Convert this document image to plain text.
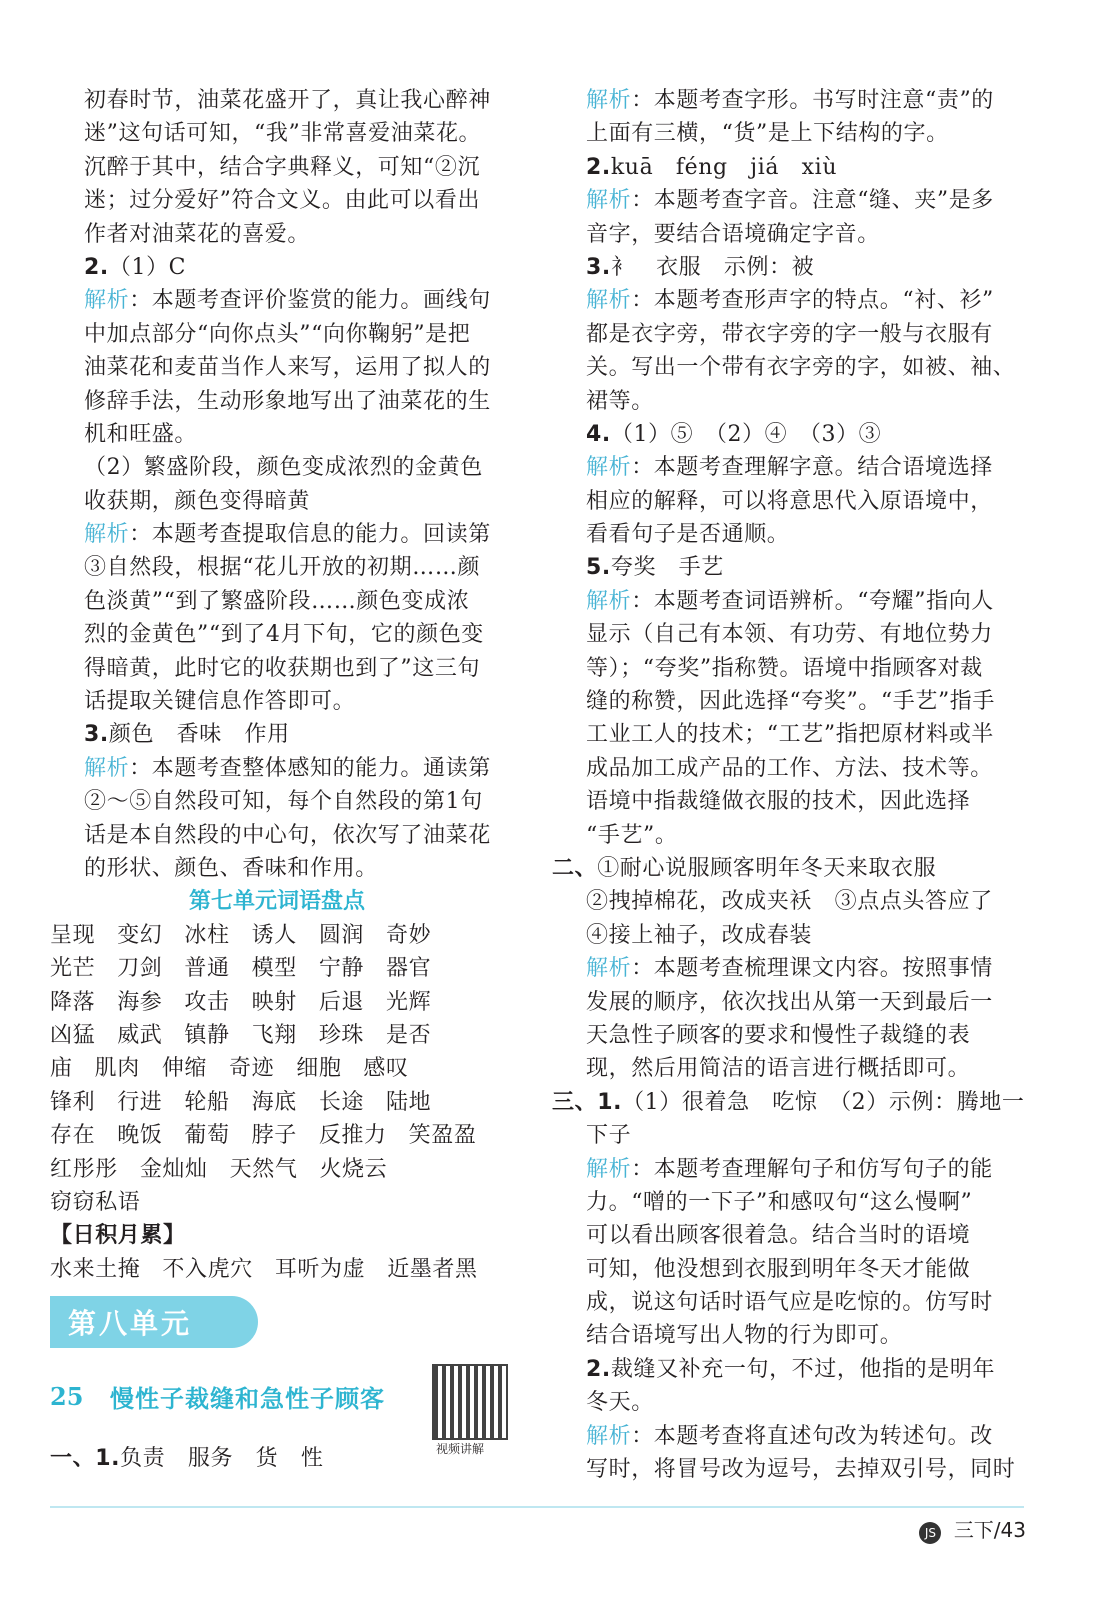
初春时节，油菜花盛开了，真让我心醉神
迷”这句话可知，“我”非常喜爱油菜花。
沉醉于其中，结合字典释义，可知“②沉
迷；过分爱好”符合文义。由此可以看出
作者对油菜花的喜爱。
2.（1）C
解析：本题考查评价鉴赏的能力。画线句
中加点部分“向你点头”“向你鞠躬”是把
油菜花和麦苗当作人来写，运用了拟人的
修辞手法，生动形象地写出了油菜花的生
机和旺盛。
（2）繁盛阶段，颜色变成浓烈的金黄色
收获期，颜色变得暗黄
解析：本题考查提取信息的能力。回读第
③自然段，根据“花儿开放的初期……颜
色淡黄”“到了繁盛阶段……颜色变成浓
烈的金黄色”“到了4月下旬，它的颜色变
得暗黄，此时它的收获期也到了”这三句
话提取关键信息作答即可。
3.颜色　香味　作用
解析：本题考查整体感知的能力。通读第
②～⑤自然段可知，每个自然段的第1句
话是本自然段的中心句，依次写了油菜花
的形状、颜色、香味和作用。
第七单元词语盘点
呈现 变幻 冰柱 诱人 圆润 奇妙
光芒 刀剑 普通 模型 宁静 器官
降落 海参 攻击 映射 后退 光辉
凶猛 威武 镇静 飞翔 珍珠 是否
庙 肌肉 伸缩 奇迹 细胞 感叹
锋利 行进 轮船 海底 长途 陆地
存在 晚饭 葡萄 脖子 反推力 笑盈盈
红彤彤 金灿灿 天然气 火烧云
窃窃私语
【日积月累】
水来土掩 不入虎穴 耳听为虚 近墨者黑
第八单元
25	慢性子裁缝和急性子顾客
一、1.负责　服务　货　性
解析：本题考查字形。书写时注意“责”的
上面有三横，“货”是上下结构的字。
2.kuā　féng　jiá　xiù
解析：本题考查字音。注意“缝、夹”是多
音字，要结合语境确定字音。
3.衤　衣服　示例：被
解析：本题考查形声字的特点。“衬、衫”
都是衣字旁，带衣字旁的字一般与衣服有
关。写出一个带有衣字旁的字，如被、袖、
裙等。
4.（1）⑤　（2）④　（3）③
解析：本题考查理解字意。结合语境选择
相应的解释，可以将意思代入原语境中，
看看句子是否通顺。
5.夸奖　手艺
解析：本题考查词语辨析。“夸耀”指向人
显示（自己有本领、有功劳、有地位势力
等）；“夸奖”指称赞。语境中指顾客对裁
缝的称赞，因此选择“夸奖”。“手艺”指手
工业工人的技术；“工艺”指把原材料或半
成品加工成产品的工作、方法、技术等。
语境中指裁缝做衣服的技术，因此选择
“手艺”。
二、①耐心说服顾客明年冬天来取衣服
②拽掉棉花，改成夹袄　③点点头答应了
④接上袖子，改成春装
解析：本题考查梳理课文内容。按照事情
发展的顺序，依次找出从第一天到最后一
天急性子顾客的要求和慢性子裁缝的表
现，然后用简洁的语言进行概括即可。
三、1.（1）很着急　吃惊　（2）示例：腾地一
下子
解析：本题考查理解句子和仿写句子的能
力。“噌的一下子”和感叹句“这么慢啊”
可以看出顾客很着急。结合当时的语境
可知，他没想到衣服到明年冬天才能做
成，说这句话时语气应是吃惊的。仿写时
结合语境写出人物的行为即可。
2.裁缝又补充一句，不过，他指的是明年
冬天。
解析：本题考查将直述句改为转述句。改
写时，将冒号改为逗号，去掉双引号，同时
视频讲解
JS 三下/43
